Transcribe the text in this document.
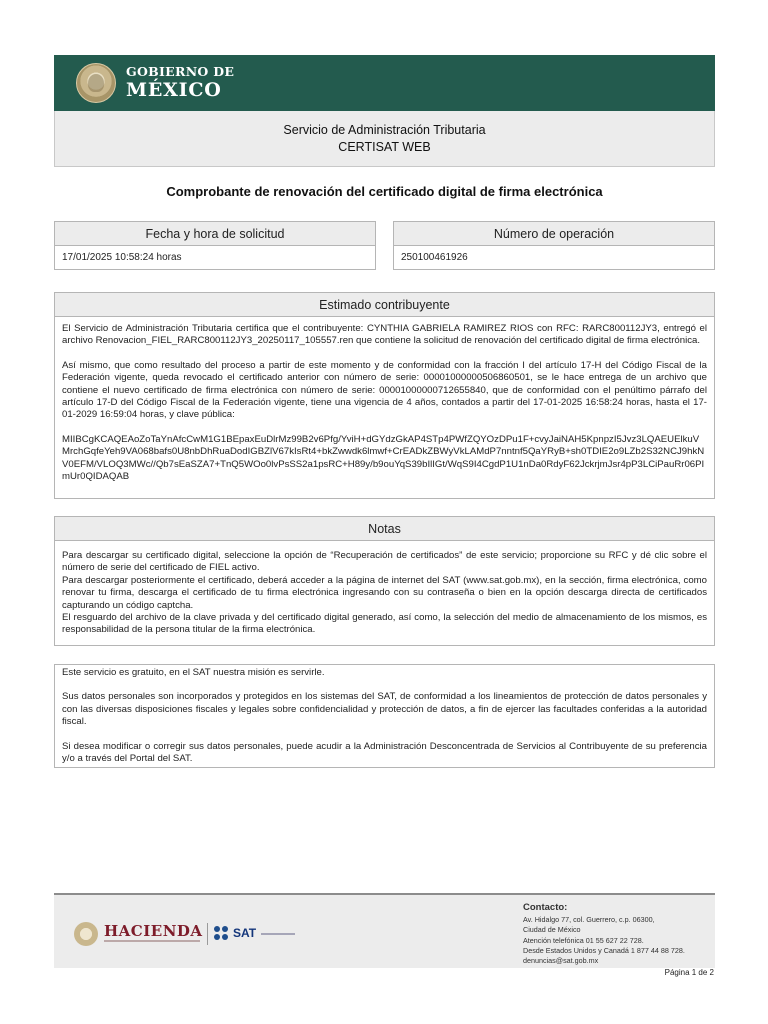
GOBIERNO DE
MÉXICO
Servicio de Administración Tributaria
CERTISAT WEB
Comprobante de renovación del certificado digital de firma electrónica
Fecha y hora de solicitud
17/01/2025 10:58:24 horas
Número de operación
250100461926
Estimado contribuyente

El Servicio de Administración Tributaria certifica que el contribuyente: CYNTHIA GABRIELA RAMIREZ RIOS con RFC: RARC800112JY3, entregó el archivo Renovacion_FIEL_RARC800112JY3_20250117_105557.ren que contiene la solicitud de renovación del certificado digital de firma electrónica.

Así mismo, que como resultado del proceso a partir de este momento y de conformidad con la fracción I del artículo 17-H del Código Fiscal de la Federación vigente, queda revocado el certificado anterior con número de serie: 00001000000506860501, se le hace entrega de un archivo que contiene el nuevo certificado de firma electrónica con número de serie: 00001000000712655840, que de conformidad con el penúltimo párrafo del artículo 17-D del Código Fiscal de la Federación vigente, tiene una vigencia de 4 años, contados a partir del 17-01-2025 16:58:24 horas, hasta el 17-01-2029 16:59:04 horas, y clave pública:

MIIBCgKCAQEAoZoTaYnAfcCwM1G1BEpaxEuDlrMz99B2v6Pfg/YviH+dGYdzGkAP4STp4PWfZQYOzDPu1F+cvyJaiNAH5KpnpzI5Jvz3LQAEUElkuVMrchGqfeYeh9VA068bafs0U8nbDhRuaDodIGBZlV67kIsRt4+bkZwwdk6lmwf+CrEADkZBWyVkLAMdP7nntnf5QaYRyB+sh0TDIE2o9LZb2S32NCJ9hkNV0EFM/VLOQ3MWc//Qb7sEaSZA7+TnQ5WOo0lvPsSS2a1psRC+H89y/b9ouYqS39bIlIGt/WqS9I4CgdP1U1nDa0RdyF62JckrjmJsr4pP3LCiPauRr06PImUr0QIDAQAB

Notas

Para descargar su certificado digital, seleccione la opción de “Recuperación de certificados” de este servicio; proporcione su RFC y dé clic sobre el número de serie del certificado de FIEL activo.

Para descargar posteriormente el certificado, deberá acceder a la página de internet del SAT (www.sat.gob.mx), en la sección, firma electrónica, como renovar tu firma, descarga el certificado de tu firma electrónica ingresando con su contraseña o bien en la opción descarga directa de certificados capturando un código captcha.

El resguardo del archivo de la clave privada y del certificado digital generado, así como, la selección del medio de almacenamiento de los mismos, es responsabilidad de la persona titular de la firma electrónica.

Este servicio es gratuito, en el SAT nuestra misión es servirle.

Sus datos personales son incorporados y protegidos en los sistemas del SAT, de conformidad a los lineamientos de protección de datos personales y con las diversas disposiciones fiscales y legales sobre confidencialidad y protección de datos, a fin de ejercer las facultades conferidas a la autoridad fiscal.

Si desea modificar o corregir sus datos personales, puede acudir a la Administración Desconcentrada de Servicios al Contribuyente de su preferencia y/o a través del Portal del SAT.

HACIENDA	SAT
Contacto:
Av. Hidalgo 77, col. Guerrero, c.p. 06300,
Ciudad de México
Atención telefónica 01 55 627 22 728.
Desde Estados Unidos y Canadá 1 877 44 88 728.
denuncias@sat.gob.mx
Página 1 de 2
